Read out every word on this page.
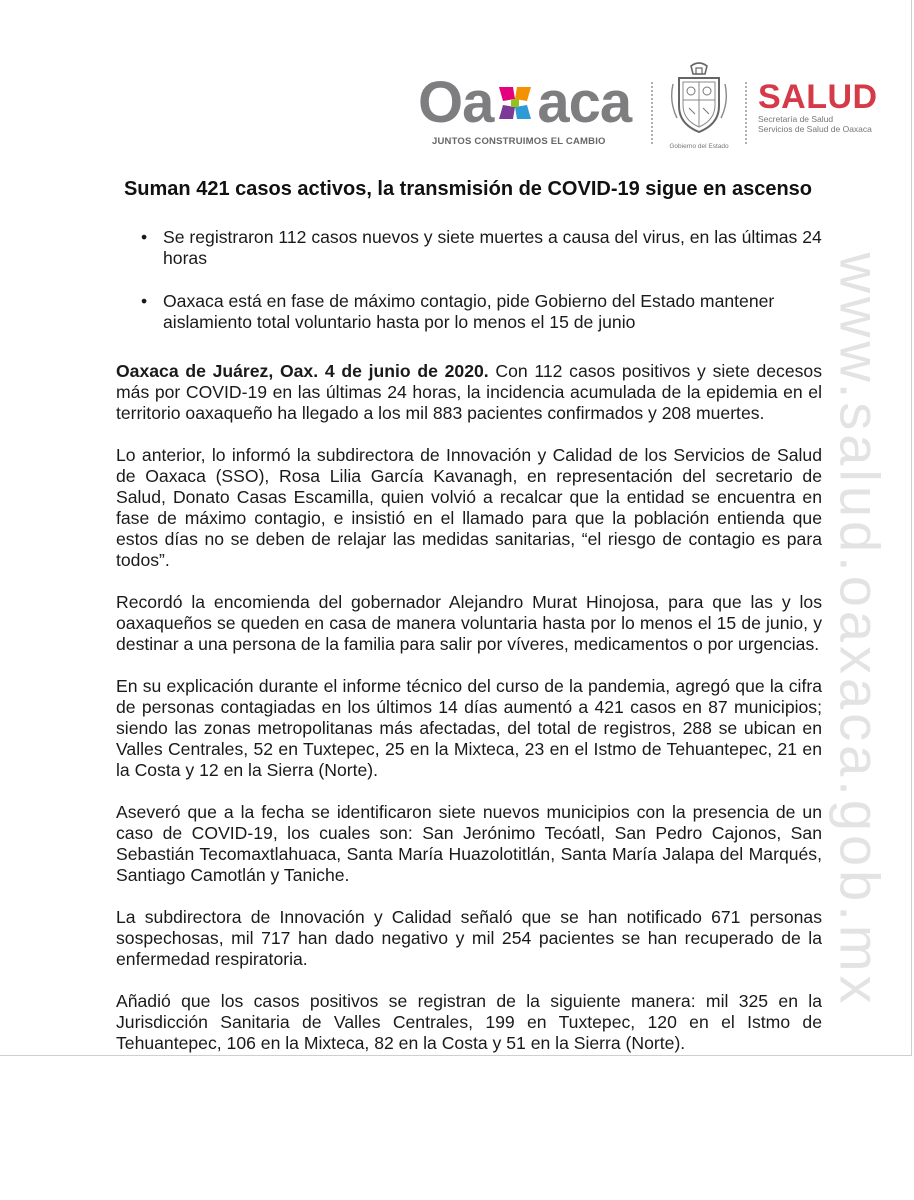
Oa aca
JUNTOS CONSTRUIMOS EL CAMBIO	Gobierno del Estado
SALUD
Secretaría de Salud
Servicios de Salud de Oaxaca
www.salud.oaxaca.gob.mx
Suman 421 casos activos, la transmisión de COVID-19 sigue en ascenso
• Se registraron 112 casos nuevos y siete muertes a causa del virus, en las últimas 24 horas
• Oaxaca está en fase de máximo contagio, pide Gobierno del Estado mantener aislamiento total voluntario hasta por lo menos el 15 de junio

Oaxaca de Juárez, Oax. 4 de junio de 2020. Con 112 casos positivos y siete decesos más por COVID-19 en las últimas 24 horas, la incidencia acumulada de la epidemia en el territorio oaxaqueño ha llegado a los mil 883 pacientes confirmados y 208 muertes.

Lo anterior, lo informó la subdirectora de Innovación y Calidad de los Servicios de Salud de Oaxaca (SSO), Rosa Lilia García Kavanagh, en representación del secretario de Salud, Donato Casas Escamilla, quien volvió a recalcar que la entidad se encuentra en fase de máximo contagio, e insistió en el llamado para que la población entienda que estos días no se deben de relajar las medidas sanitarias, “el riesgo de contagio es para todos”.

Recordó la encomienda del gobernador Alejandro Murat Hinojosa, para que las y los oaxaqueños se queden en casa de manera voluntaria hasta por lo menos el 15 de junio, y destinar a una persona de la familia para salir por víveres, medicamentos o por urgencias.

En su explicación durante el informe técnico del curso de la pandemia, agregó que la cifra de personas contagiadas en los últimos 14 días aumentó a 421 casos en 87 municipios; siendo las zonas metropolitanas más afectadas, del total de registros, 288 se ubican en Valles Centrales, 52 en Tuxtepec, 25 en la Mixteca, 23 en el Istmo de Tehuantepec, 21 en la Costa y 12 en la Sierra (Norte).

Aseveró que a la fecha se identificaron siete nuevos municipios con la presencia de un caso de COVID-19, los cuales son: San Jerónimo Tecóatl, San Pedro Cajonos, San Sebastián Tecomaxtlahuaca, Santa María Huazolotitlán, Santa María Jalapa del Marqués, Santiago Camotlán y Taniche.

La subdirectora de Innovación y Calidad señaló que se han notificado 671 personas sospechosas, mil 717 han dado negativo y mil 254 pacientes se han recuperado de la enfermedad respiratoria.

Añadió que los casos positivos se registran de la siguiente manera: mil 325 en la Jurisdicción Sanitaria de Valles Centrales, 199 en Tuxtepec, 120 en el Istmo de Tehuantepec, 106 en la Mixteca, 82 en la Costa y 51 en la Sierra (Norte).
